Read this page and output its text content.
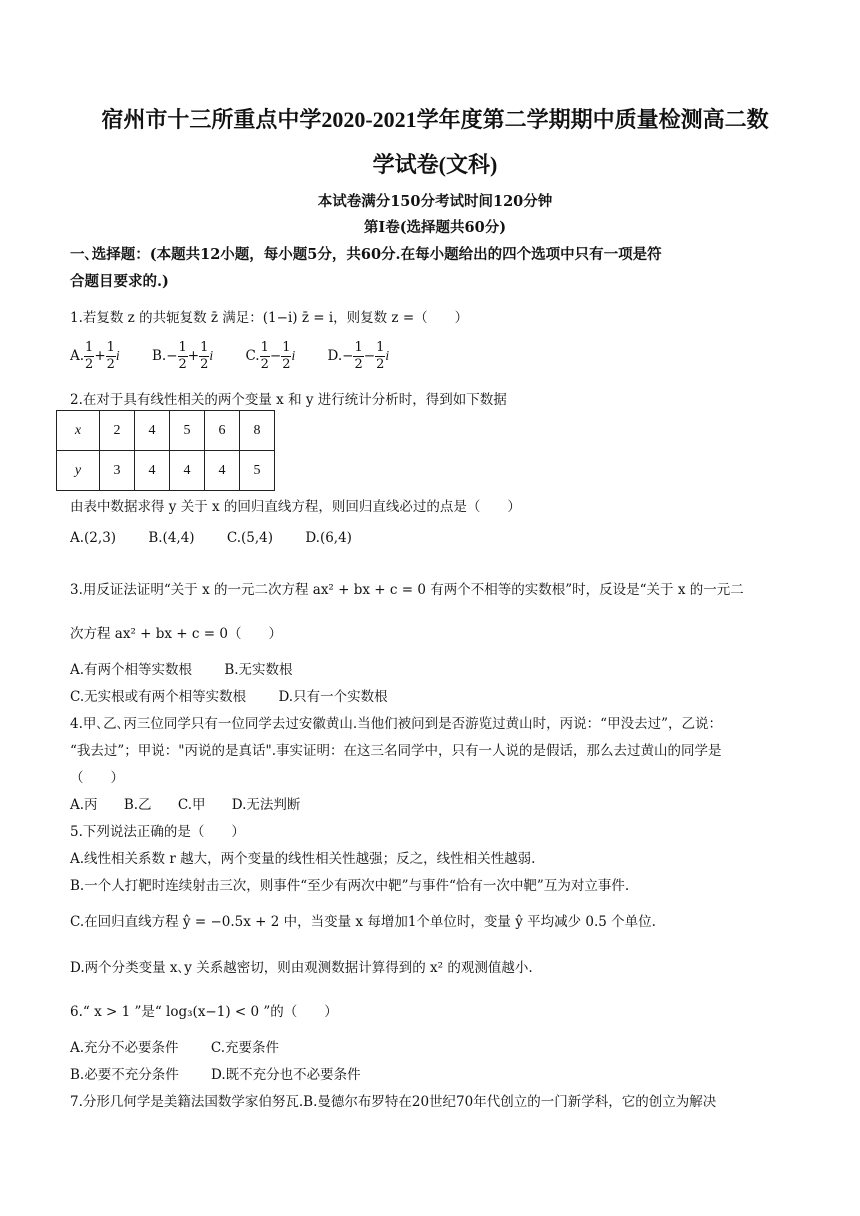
宿州市十三所重点中学2020-2021学年度第二学期期中质量检测高二数
学试卷(文科)
本试卷满分150分考试时间120分钟
第I卷(选择题共60分)
一､选择题：(本题共12小题，每小题5分，共60分.在每小题给出的四个选项中只有一项是符
合题目要求的.)
1.若复数 z 的共轭复数 z̄ 满足：(1−i) z̄ = i，则复数 z =（　　）
A. $\frac{1}{2} + \frac{1}{2}$ i $B.- \frac{1}{2} + \frac{1}{2}$ i C. $\frac{1}{2} - \frac{1}{2}$ i $D.- \frac{1}{2} - \frac{1}{2}$ i
2.在对于具有线性相关的两个变量 x 和 y 进行统计分析时，得到如下数据
x	2	4	5	6	8
y	3	4	4	4	5
由表中数据求得 y 关于 x 的回归直线方程，则回归直线必过的点是（　　）
A.(2,3) B.(4,4) C.(5,4) D.(6,4)
3.用反证法证明“关于 x 的一元二次方程 ax² + bx + c = 0 有两个不相等的实数根”时，反设是“关于 x 的一元二
次方程 ax² + bx + c = 0（　　）
A.有两个相等实数根 B.无实数根
C.无实根或有两个相等实数根 D.只有一个实数根
4.甲､乙､丙三位同学只有一位同学去过安徽黄山.当他们被问到是否游览过黄山时，丙说：“甲没去过”，乙说：
“我去过”；甲说："丙说的是真话".事实证明：在这三名同学中，只有一人说的是假话，那么去过黄山的同学是
（　　）
A.丙 B.乙 C.甲 D.无法判断
5.下列说法正确的是（　　）
A.线性相关系数 r 越大，两个变量的线性相关性越强；反之，线性相关性越弱.
B.一个人打靶时连续射击三次，则事件“至少有两次中靶”与事件“恰有一次中靶”互为对立事件.
C.在回归直线方程 ŷ = −0.5x + 2 中，当变量 x 每增加1个单位时，变量 ŷ 平均减少 0.5 个单位.
D.两个分类变量 x､y 关系越密切，则由观测数据计算得到的 x² 的观测值越小.
6.“ x > 1 ”是“ log₃(x−1) < 0 ”的（　　）
A.充分不必要条件 C.充要条件
B.必要不充分条件 D.既不充分也不必要条件
7.分形几何学是美籍法国数学家伯努瓦.B.曼德尔布罗特在20世纪70年代创立的一门新学科，它的创立为解决
